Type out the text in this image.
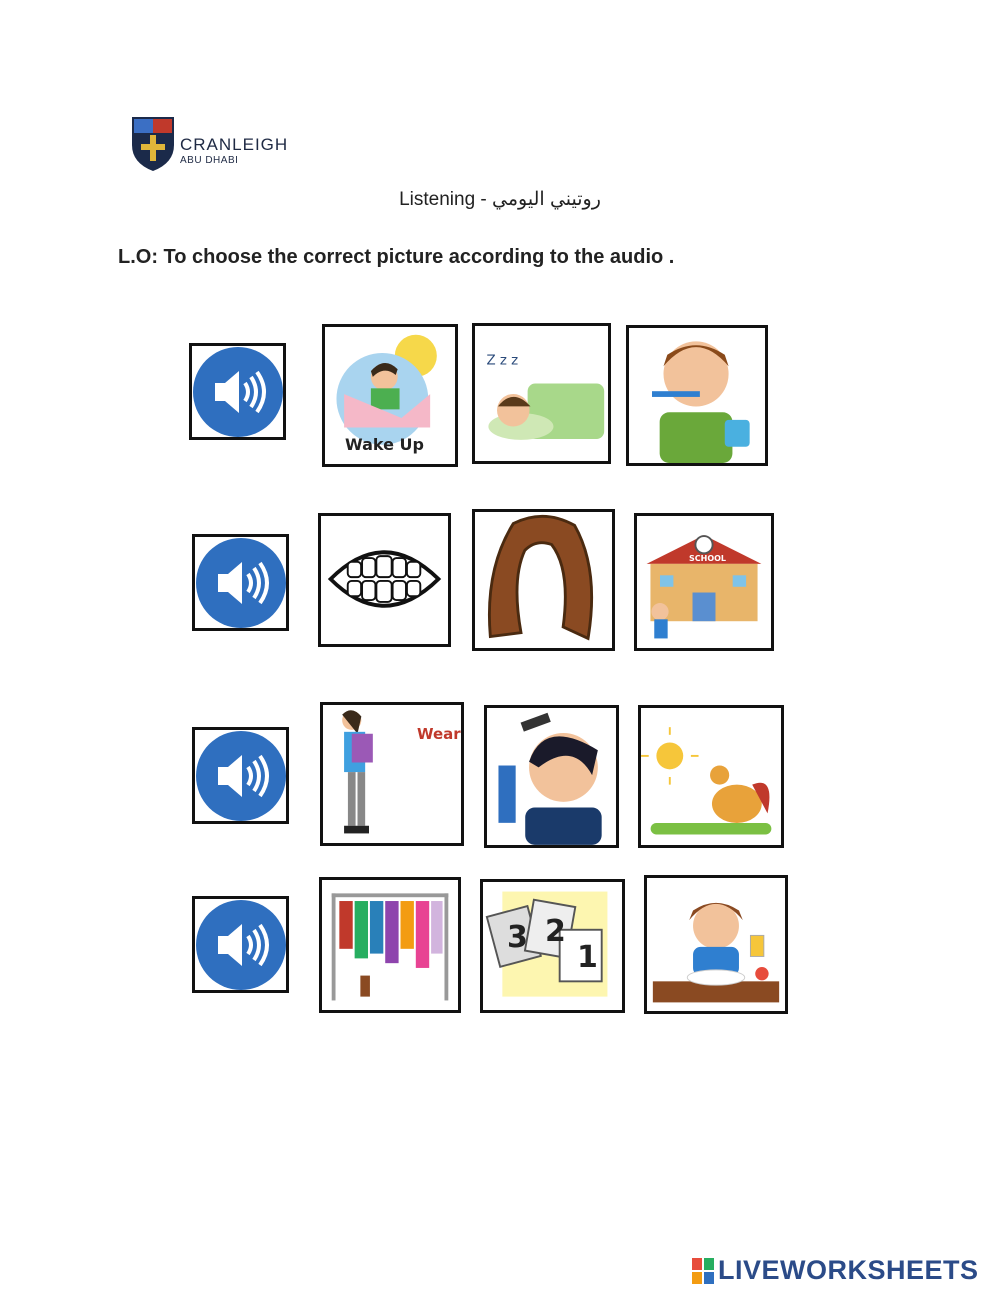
CRANLEIGH
ABU DHABI
Listening - روتيني اليومي
L.O: To choose the correct picture according to the audio .
Wake Up
Z z z
SCHOOL
Wear
3 2
1
LIVEWORKSHEETS
